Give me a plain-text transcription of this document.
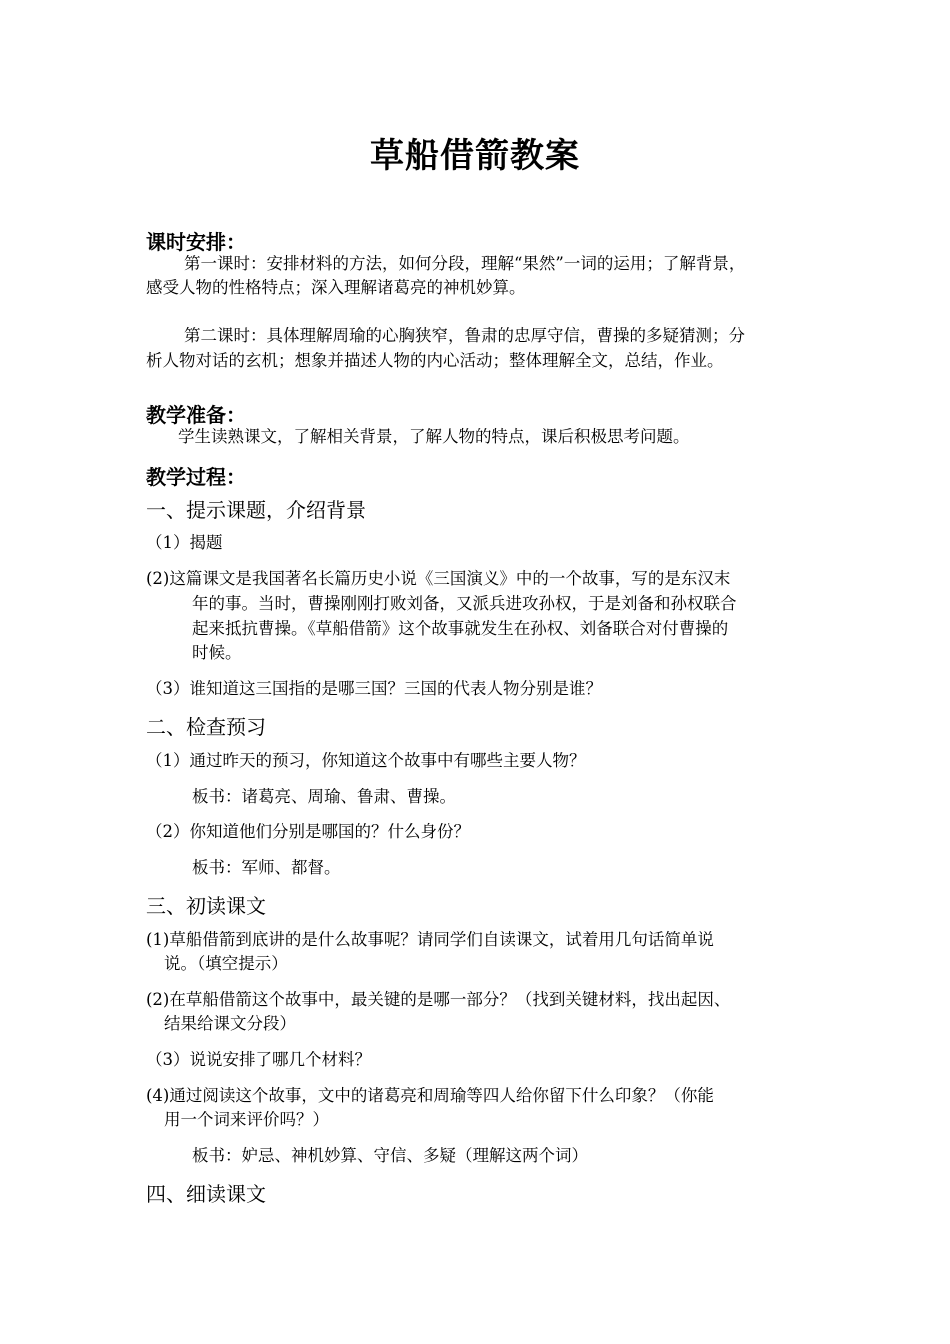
草船借箭教案
课时安排：
第一课时：安排材料的方法，如何分段，理解“果然”一词的运用；了解背景，
感受人物的性格特点；深入理解诸葛亮的神机妙算。
第二课时：具体理解周瑜的心胸狭窄，鲁肃的忠厚守信，曹操的多疑猜测；分
析人物对话的玄机；想象并描述人物的内心活动；整体理解全文，总结，作业。
教学准备：
学生读熟课文，了解相关背景，了解人物的特点，课后积极思考问题。
教学过程：
一、提示课题，介绍背景
（1）揭题
(2)这篇课文是我国著名长篇历史小说《三国演义》中的一个故事，写的是东汉末
年的事。当时，曹操刚刚打败刘备，又派兵进攻孙权，于是刘备和孙权联合
起来抵抗曹操。《草船借箭》这个故事就发生在孙权、刘备联合对付曹操的
时候。
（3）谁知道这三国指的是哪三国？三国的代表人物分别是谁？
二、检查预习
（1）通过昨天的预习，你知道这个故事中有哪些主要人物？
板书：诸葛亮、周瑜、鲁肃、曹操。
（2）你知道他们分别是哪国的？什么身份？
板书：军师、都督。
三、初读课文
(1)草船借箭到底讲的是什么故事呢？请同学们自读课文，试着用几句话简单说
说。（填空提示）
(2)在草船借箭这个故事中，最关键的是哪一部分？（找到关键材料，找出起因、
结果给课文分段）
（3）说说安排了哪几个材料？
(4)通过阅读这个故事，文中的诸葛亮和周瑜等四人给你留下什么印象？（你能
用一个词来评价吗？）
板书：妒忌、神机妙算、守信、多疑（理解这两个词）
四、细读课文
